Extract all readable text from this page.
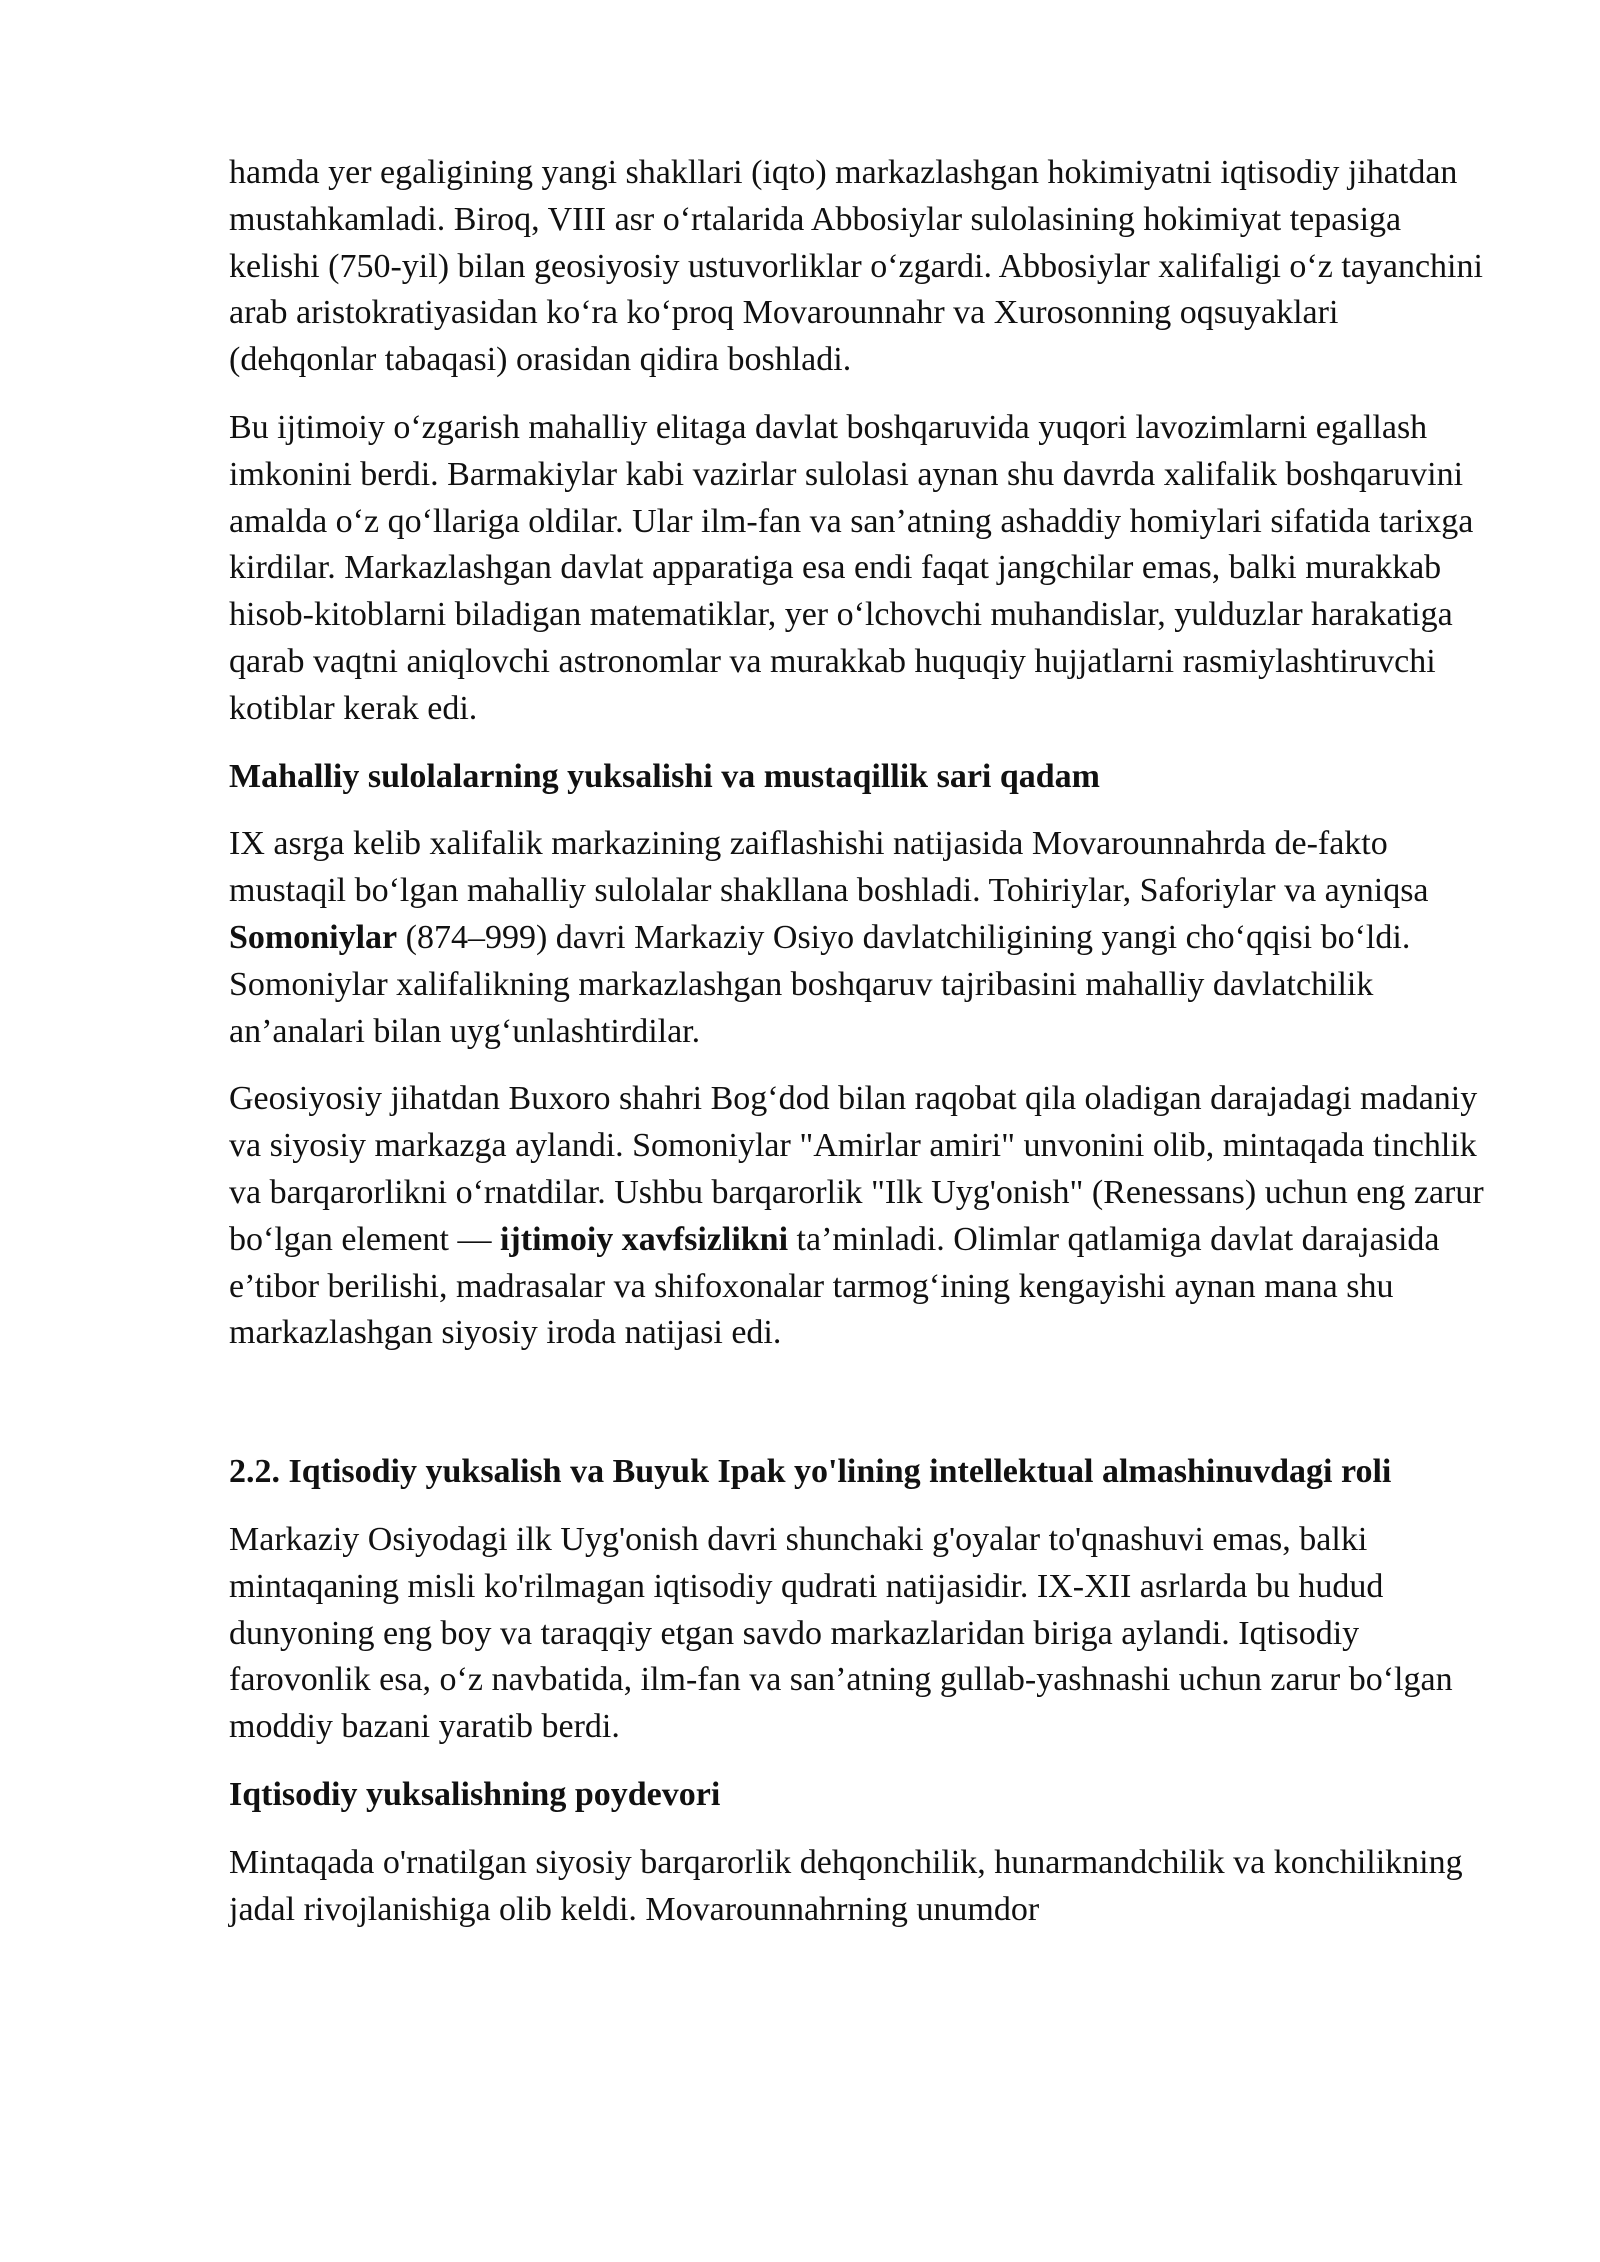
hamda yer egaligining yangi shakllari (iqto) markazlashgan hokimiyatni iqtisodiy jihatdan mustahkamladi. Biroq, VIII asr o‘rtalarida Abbosiylar sulolasining hokimiyat tepasiga kelishi (750-yil) bilan geosiyosiy ustuvorliklar o‘zgardi. Abbosiylar xalifaligi o‘z tayanchini arab aristokratiyasidan ko‘ra ko‘proq Movarounnahr va Xurosonning oqsuyaklari (dehqonlar tabaqasi) orasidan qidira boshladi.

Bu ijtimoiy o‘zgarish mahalliy elitaga davlat boshqaruvida yuqori lavozimlarni egallash imkonini berdi. Barmakiylar kabi vazirlar sulolasi aynan shu davrda xalifalik boshqaruvini amalda o‘z qo‘llariga oldilar. Ular ilm-fan va san’atning ashaddiy homiylari sifatida tarixga kirdilar. Markazlashgan davlat apparatiga esa endi faqat jangchilar emas, balki murakkab hisob-kitoblarni biladigan matematiklar, yer o‘lchovchi muhandislar, yulduzlar harakatiga qarab vaqtni aniqlovchi astronomlar va murakkab huquqiy hujjatlarni rasmiylashtiruvchi kotiblar kerak edi.

Mahalliy sulolalarning yuksalishi va mustaqillik sari qadam

IX asrga kelib xalifalik markazining zaiflashishi natijasida Movarounnahrda de-fakto mustaqil bo‘lgan mahalliy sulolalar shakllana boshladi. Tohiriylar, Saforiylar va ayniqsa Somoniylar (874–999) davri Markaziy Osiyo davlatchiligining yangi cho‘qqisi bo‘ldi. Somoniylar xalifalikning markazlashgan boshqaruv tajribasini mahalliy davlatchilik an’analari bilan uyg‘unlashtirdilar.

Geosiyosiy jihatdan Buxoro shahri Bog‘dod bilan raqobat qila oladigan darajadagi madaniy va siyosiy markazga aylandi. Somoniylar "Amirlar amiri" unvonini olib, mintaqada tinchlik va barqarorlikni o‘rnatdilar. Ushbu barqarorlik "Ilk Uyg'onish" (Renessans) uchun eng zarur bo‘lgan element — ijtimoiy xavfsizlikni ta’minladi. Olimlar qatlamiga davlat darajasida e’tibor berilishi, madrasalar va shifoxonalar tarmog‘ining kengayishi aynan mana shu markazlashgan siyosiy iroda natijasi edi.

2.2. Iqtisodiy yuksalish va Buyuk Ipak yo'lining intellektual almashinuvdagi roli

Markaziy Osiyodagi ilk Uyg'onish davri shunchaki g'oyalar to'qnashuvi emas, balki mintaqaning misli ko'rilmagan iqtisodiy qudrati natijasidir. IX-XII asrlarda bu hudud dunyoning eng boy va taraqqiy etgan savdo markazlaridan biriga aylandi. Iqtisodiy farovonlik esa, o‘z navbatida, ilm-fan va san’atning gullab-yashnashi uchun zarur bo‘lgan moddiy bazani yaratib berdi.

Iqtisodiy yuksalishning poydevori

Mintaqada o'rnatilgan siyosiy barqarorlik dehqonchilik, hunarmandchilik va konchilikning jadal rivojlanishiga olib keldi. Movarounnahrning unumdor
